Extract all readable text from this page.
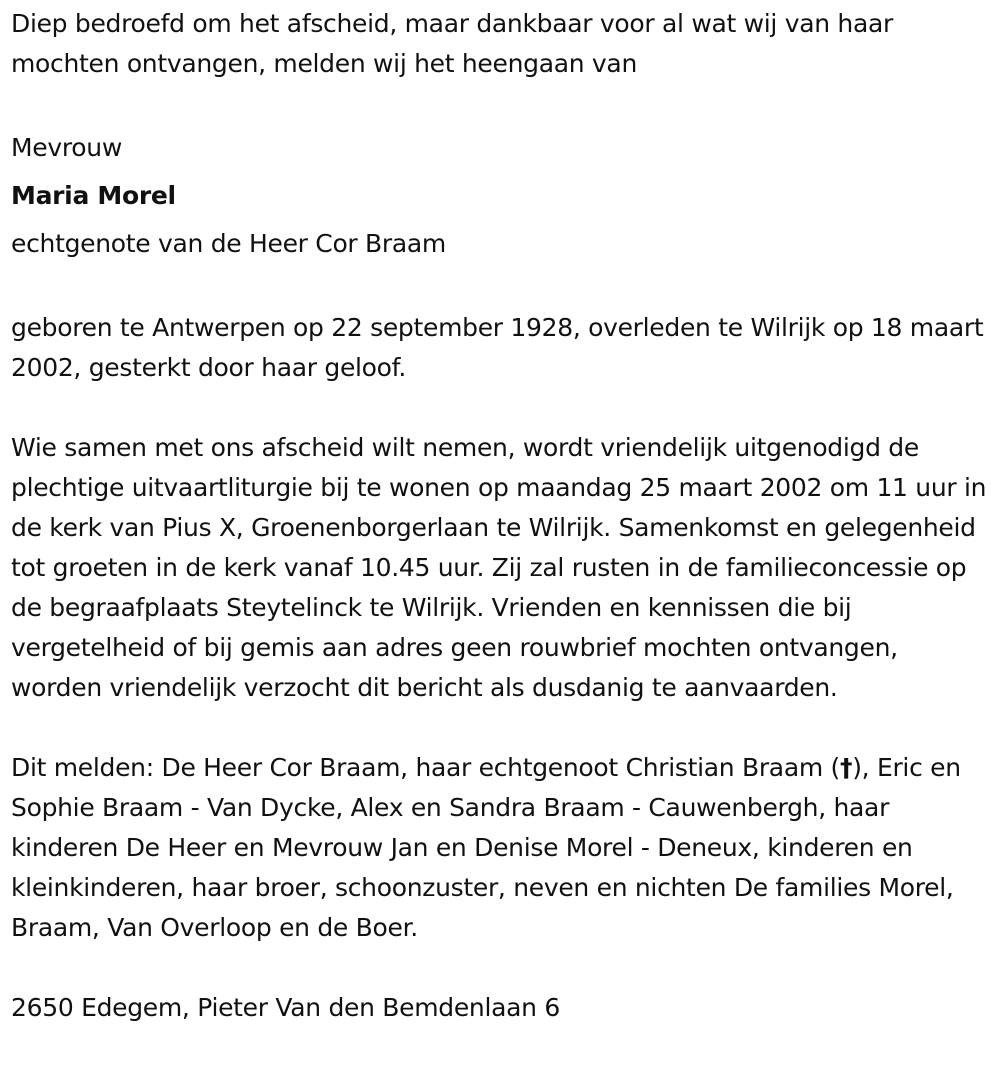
Diep bedroefd om het afscheid, maar dankbaar voor al wat wij van haar mochten ontvangen, melden wij het heengaan van

Mevrouw

Maria Morel

echtgenote van de Heer Cor Braam

geboren te Antwerpen op 22 september 1928, overleden te Wilrijk op 18 maart 2002, gesterkt door haar geloof.

Wie samen met ons afscheid wilt nemen, wordt vriendelijk uitgenodigd de plechtige uitvaartliturgie bij te wonen op maandag 25 maart 2002 om 11 uur in de kerk van Pius X, Groenenborgerlaan te Wilrijk. Samenkomst en gelegenheid tot groeten in de kerk vanaf 10.45 uur. Zij zal rusten in de familieconcessie op de begraafplaats Steytelinck te Wilrijk. Vrienden en kennissen die bij vergetelheid of bij gemis aan adres geen rouwbrief mochten ontvangen, worden vriendelijk verzocht dit bericht als dusdanig te aanvaarden.

Dit melden: De Heer Cor Braam, haar echtgenoot Christian Braam (†), Eric en Sophie Braam - Van Dycke, Alex en Sandra Braam - Cauwenbergh, haar kinderen De Heer en Mevrouw Jan en Denise Morel - Deneux, kinderen en kleinkinderen, haar broer, schoonzuster, neven en nichten De families Morel, Braam, Van Overloop en de Boer.

2650 Edegem, Pieter Van den Bemdenlaan 6
